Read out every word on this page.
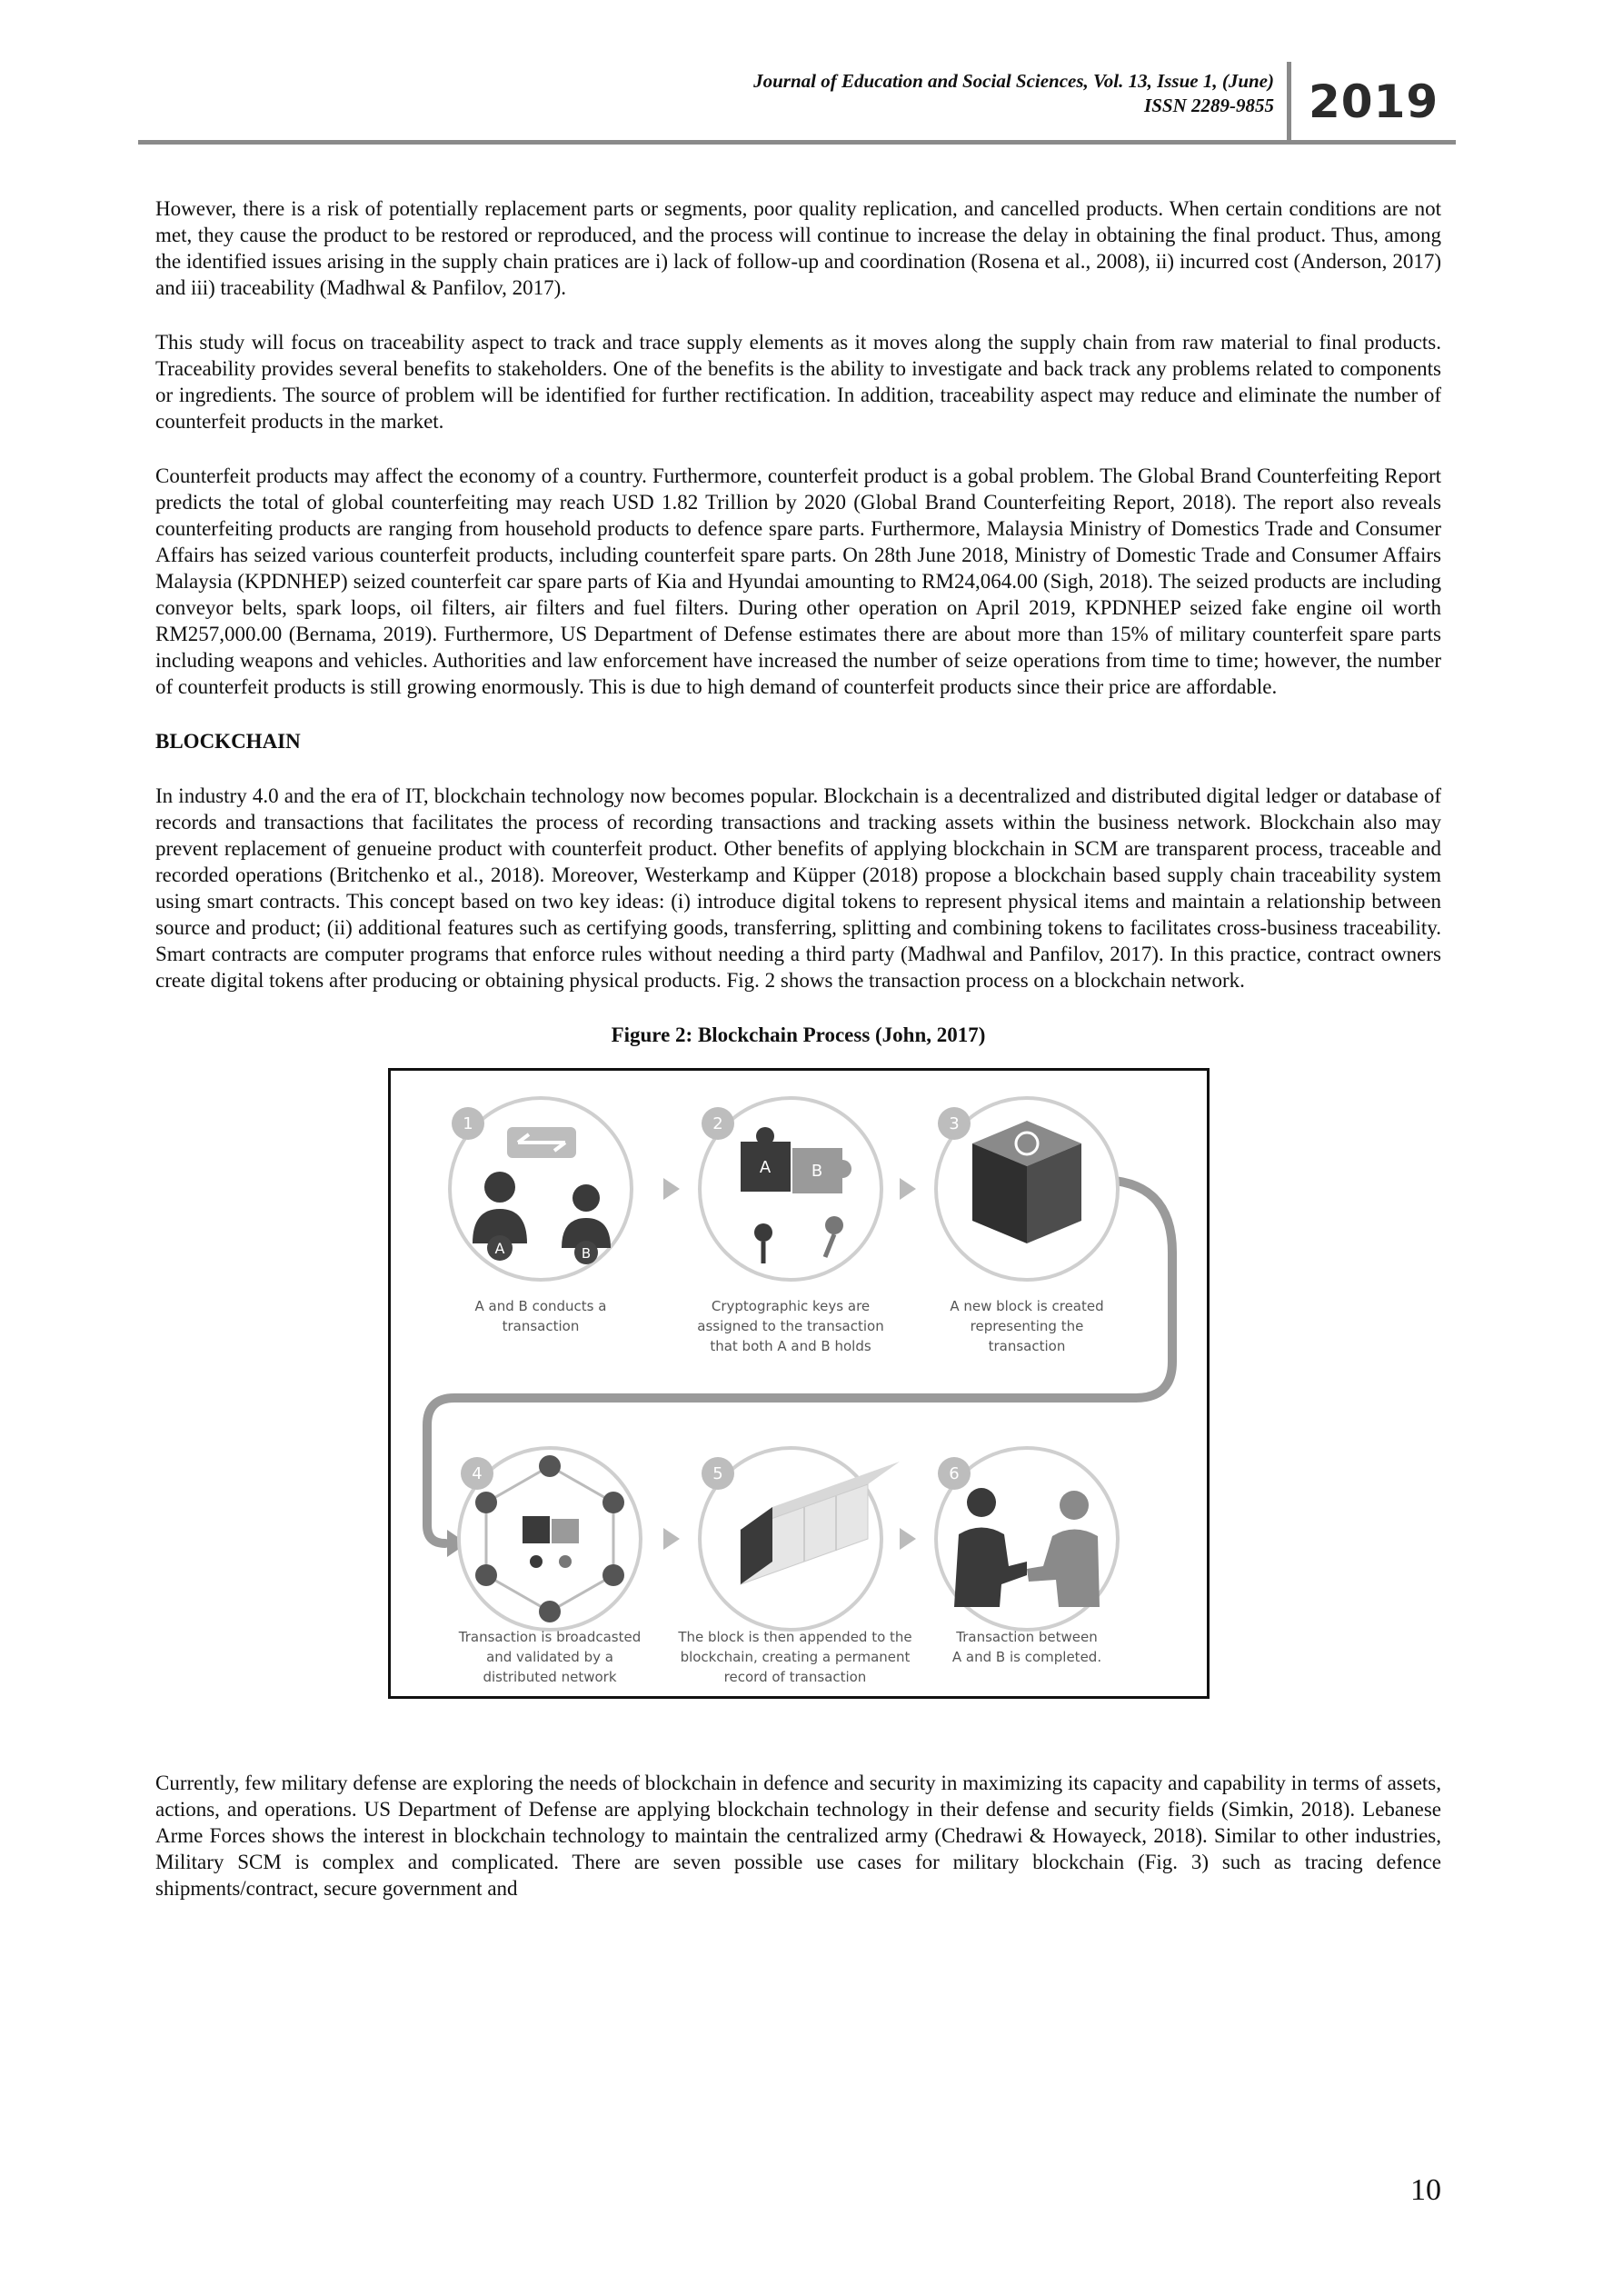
Journal of Education and Social Sciences, Vol. 13, Issue 1, (June)
ISSN 2289-9855 2019

However, there is a risk of potentially replacement parts or segments, poor quality replication, and cancelled products. When certain conditions are not met, they cause the product to be restored or reproduced, and the process will continue to increase the delay in obtaining the final product. Thus, among the identified issues arising in the supply chain pratices are i) lack of follow-up and coordination (Rosena et al., 2008), ii) incurred cost (Anderson, 2017) and iii) traceability (Madhwal & Panfilov, 2017).

This study will focus on traceability aspect to track and trace supply elements as it moves along the supply chain from raw material to final products. Traceability provides several benefits to stakeholders. One of the benefits is the ability to investigate and back track any problems related to components or ingredients. The source of problem will be identified for further rectification. In addition, traceability aspect may reduce and eliminate the number of counterfeit products in the market.

Counterfeit products may affect the economy of a country. Furthermore, counterfeit product is a gobal problem. The Global Brand Counterfeiting Report predicts the total of global counterfeiting may reach USD 1.82 Trillion by 2020 (Global Brand Counterfeiting Report, 2018). The report also reveals counterfeiting products are ranging from household products to defence spare parts. Furthermore, Malaysia Ministry of Domestics Trade and Consumer Affairs has seized various counterfeit products, including counterfeit spare parts. On 28th June 2018, Ministry of Domestic Trade and Consumer Affairs Malaysia (KPDNHEP) seized counterfeit car spare parts of Kia and Hyundai amounting to RM24,064.00 (Sigh, 2018). The seized products are including conveyor belts, spark loops, oil filters, air filters and fuel filters. During other operation on April 2019, KPDNHEP seized fake engine oil worth RM257,000.00 (Bernama, 2019). Furthermore, US Department of Defense estimates there are about more than 15% of military counterfeit spare parts including weapons and vehicles. Authorities and law enforcement have increased the number of seize operations from time to time; however, the number of counterfeit products is still growing enormously. This is due to high demand of counterfeit products since their price are affordable.

BLOCKCHAIN

In industry 4.0 and the era of IT, blockchain technology now becomes popular. Blockchain is a decentralized and distributed digital ledger or database of records and transactions that facilitates the process of recording transactions and tracking assets within the business network. Blockchain also may prevent replacement of genueine product with counterfeit product. Other benefits of applying blockchain in SCM are transparent process, traceable and recorded operations (Britchenko et al., 2018). Moreover, Westerkamp and Küpper (2018) propose a blockchain based supply chain traceability system using smart contracts. This concept based on two key ideas: (i) introduce digital tokens to represent physical items and maintain a relationship between source and product; (ii) additional features such as certifying goods, transferring, splitting and combining tokens to facilitates cross-business traceability. Smart contracts are computer programs that enforce rules without needing a third party (Madhwal and Panfilov, 2017). In this practice, contract owners create digital tokens after producing or obtaining physical products. Fig. 2 shows the transaction process on a blockchain network.

Figure 2: Blockchain Process (John, 2017)
1
A	B
2
A B
3
4	5	6
A and B conducts a
transaction
Cryptographic keys are
assigned to the transaction
that both A and B holds
A new block is created
representing the
transaction
Transaction is broadcasted
and validated by a
distributed network
The block is then appended to the
blockchain, creating a permanent
record of transaction
Transaction between
A and B is completed.

Currently, few military defense are exploring the needs of blockchain in defence and security in maximizing its capacity and capability in terms of assets, actions, and operations. US Department of Defense are applying blockchain technology in their defense and security fields (Simkin, 2018). Lebanese Arme Forces shows the interest in blockchain technology to maintain the centralized army (Chedrawi & Howayeck, 2018). Similar to other industries, Military SCM is complex and complicated. There are seven possible use cases for military blockchain (Fig. 3) such as tracing defence shipments/contract, secure government and

10
